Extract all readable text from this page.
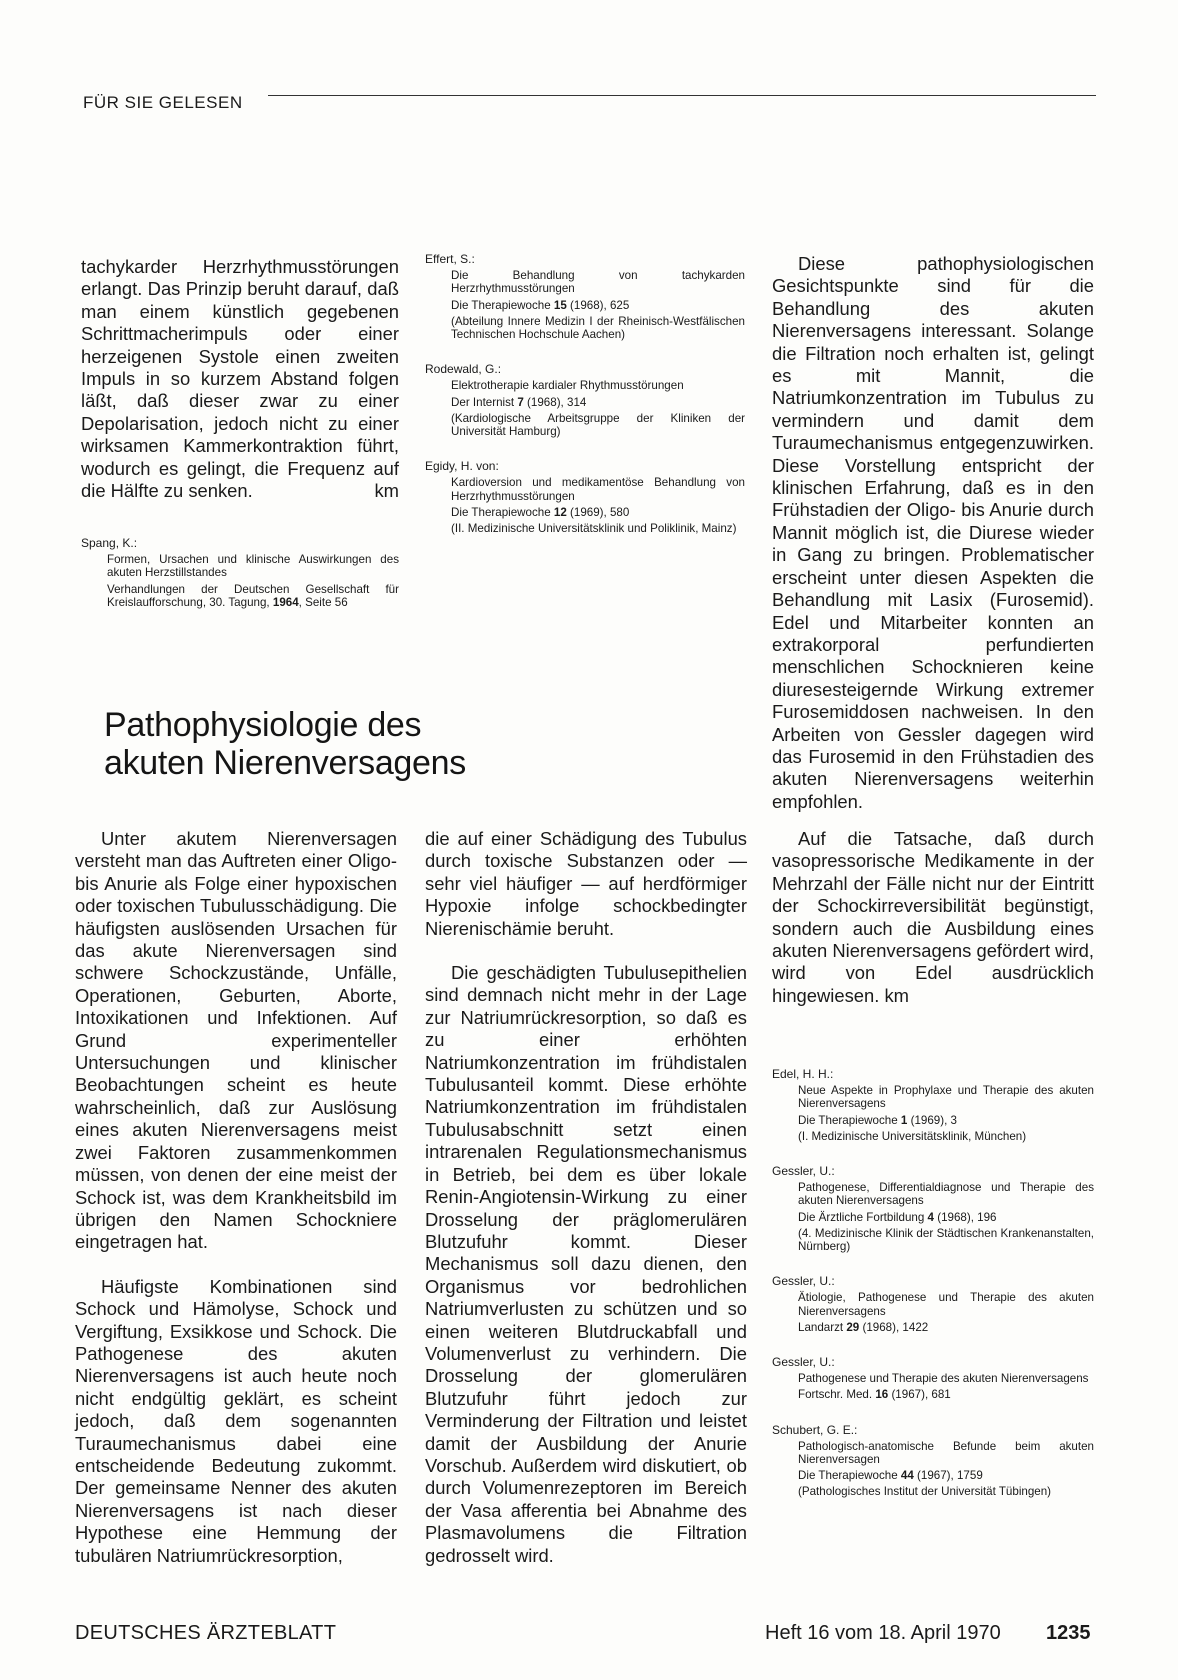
FÜR SIE GELESEN

tachykarder Herzrhythmusstörungen erlangt. Das Prinzip beruht darauf, daß man einem künstlich gegebenen Schrittmacherimpuls oder einer herzeigenen Systole einen zweiten Impuls in so kurzem Abstand folgen läßt, daß dieser zwar zu einer Depolarisation, jedoch nicht zu einer wirksamen Kammerkontraktion führt, wodurch es gelingt, die Frequenz auf die Hälfte zu senken.	km

Spang, K.:
Formen, Ursachen und klinische Auswirkungen des akuten Herzstillstandes
Verhandlungen der Deutschen Gesellschaft für Kreislaufforschung, 30. Tagung, 1964, Seite 56
Effert, S.:
Die Behandlung von tachykarden Herzrhythmusstörungen
Die Therapiewoche 15 (1968), 625
(Abteilung Innere Medizin I der Rheinisch-Westfälischen Technischen Hochschule Aachen)
Rodewald, G.:
Elektrotherapie kardialer Rhythmusstörungen
Der Internist 7 (1968), 314
(Kardiologische Arbeitsgruppe der Kliniken der Universität Hamburg)
Egidy, H. von:
Kardioversion und medikamentöse Behandlung von Herzrhythmusstörungen
Die Therapiewoche 12 (1969), 580
(II. Medizinische Universitätsklinik und Poliklinik, Mainz)

Diese pathophysiologischen Gesichtspunkte sind für die Behandlung des akuten Nierenversagens interessant. Solange die Filtration noch erhalten ist, gelingt es mit Mannit, die Natriumkonzentration im Tubulus zu vermindern und damit dem Turaumechanismus entgegenzuwirken. Diese Vorstellung entspricht der klinischen Erfahrung, daß es in den Frühstadien der Oligo- bis Anurie durch Mannit möglich ist, die Diurese wieder in Gang zu bringen. Problematischer erscheint unter diesen Aspekten die Behandlung mit Lasix (Furosemid). Edel und Mitarbeiter konnten an extrakorporal perfundierten menschlichen Schocknieren keine diuresesteigernde Wirkung extremer Furosemiddosen nachweisen. In den Arbeiten von Gessler dagegen wird das Furosemid in den Frühstadien des akuten Nierenversagens weiterhin empfohlen.

Pathophysiologie des
akuten Nierenversagens

Unter akutem Nierenversagen versteht man das Auftreten einer Oligo- bis Anurie als Folge einer hypoxischen oder toxischen Tubulusschädigung. Die häufigsten auslösenden Ursachen für das akute Nierenversagen sind schwere Schockzustände, Unfälle, Operationen, Geburten, Aborte, Intoxikationen und Infektionen. Auf Grund experimenteller Untersuchungen und klinischer Beobachtungen scheint es heute wahrscheinlich, daß zur Auslösung eines akuten Nierenversagens meist zwei Faktoren zusammenkommen müssen, von denen der eine meist der Schock ist, was dem Krankheitsbild im übrigen den Namen Schockniere eingetragen hat.

Häufigste Kombinationen sind Schock und Hämolyse, Schock und Vergiftung, Exsikkose und Schock. Die Pathogenese des akuten Nierenversagens ist auch heute noch nicht endgültig geklärt, es scheint jedoch, daß dem sogenannten Turaumechanismus dabei eine entscheidende Bedeutung zukommt. Der gemeinsame Nenner des akuten Nierenversagens ist nach dieser Hypothese eine Hemmung der tubulären Natriumrückresorption,

die auf einer Schädigung des Tubulus durch toxische Substanzen oder — sehr viel häufiger — auf herdförmiger Hypoxie infolge schockbedingter Nierenischämie beruht.

Die geschädigten Tubulusepithelien sind demnach nicht mehr in der Lage zur Natriumrückresorption, so daß es zu einer erhöhten Natriumkonzentration im frühdistalen Tubulusanteil kommt. Diese erhöhte Natriumkonzentration im frühdistalen Tubulusabschnitt setzt einen intrarenalen Regulationsmechanismus in Betrieb, bei dem es über lokale Renin-Angiotensin-Wirkung zu einer Drosselung der präglomerulären Blutzufuhr kommt. Dieser Mechanismus soll dazu dienen, den Organismus vor bedrohlichen Natriumverlusten zu schützen und so einen weiteren Blutdruckabfall und Volumenverlust zu verhindern. Die Drosselung der glomerulären Blutzufuhr führt jedoch zur Verminderung der Filtration und leistet damit der Ausbildung der Anurie Vorschub. Außerdem wird diskutiert, ob durch Volumenrezeptoren im Bereich der Vasa afferentia bei Abnahme des Plasmavolumens die Filtration gedrosselt wird.

Auf die Tatsache, daß durch vasopressorische Medikamente in der Mehrzahl der Fälle nicht nur der Eintritt der Schockirreversibilität begünstigt, sondern auch die Ausbildung eines akuten Nierenversagens gefördert wird, wird von Edel ausdrücklich hingewiesen. km

Edel, H. H.:
Neue Aspekte in Prophylaxe und Therapie des akuten Nierenversagens
Die Therapiewoche 1 (1969), 3
(I. Medizinische Universitätsklinik, München)
Gessler, U.:
Pathogenese, Differentialdiagnose und Therapie des akuten Nierenversagens
Die Ärztliche Fortbildung 4 (1968), 196
(4. Medizinische Klinik der Städtischen Krankenanstalten, Nürnberg)
Gessler, U.:
Ätiologie, Pathogenese und Therapie des akuten Nierenversagens
Landarzt 29 (1968), 1422
Gessler, U.:
Pathogenese und Therapie des akuten Nierenversagens
Fortschr. Med. 16 (1967), 681
Schubert, G. E.:
Pathologisch-anatomische Befunde beim akuten Nierenversagen
Die Therapiewoche 44 (1967), 1759
(Pathologisches Institut der Universität Tübingen)
DEUTSCHES ÄRZTEBLATT	Heft 16 vom 18. April 1970 1235
